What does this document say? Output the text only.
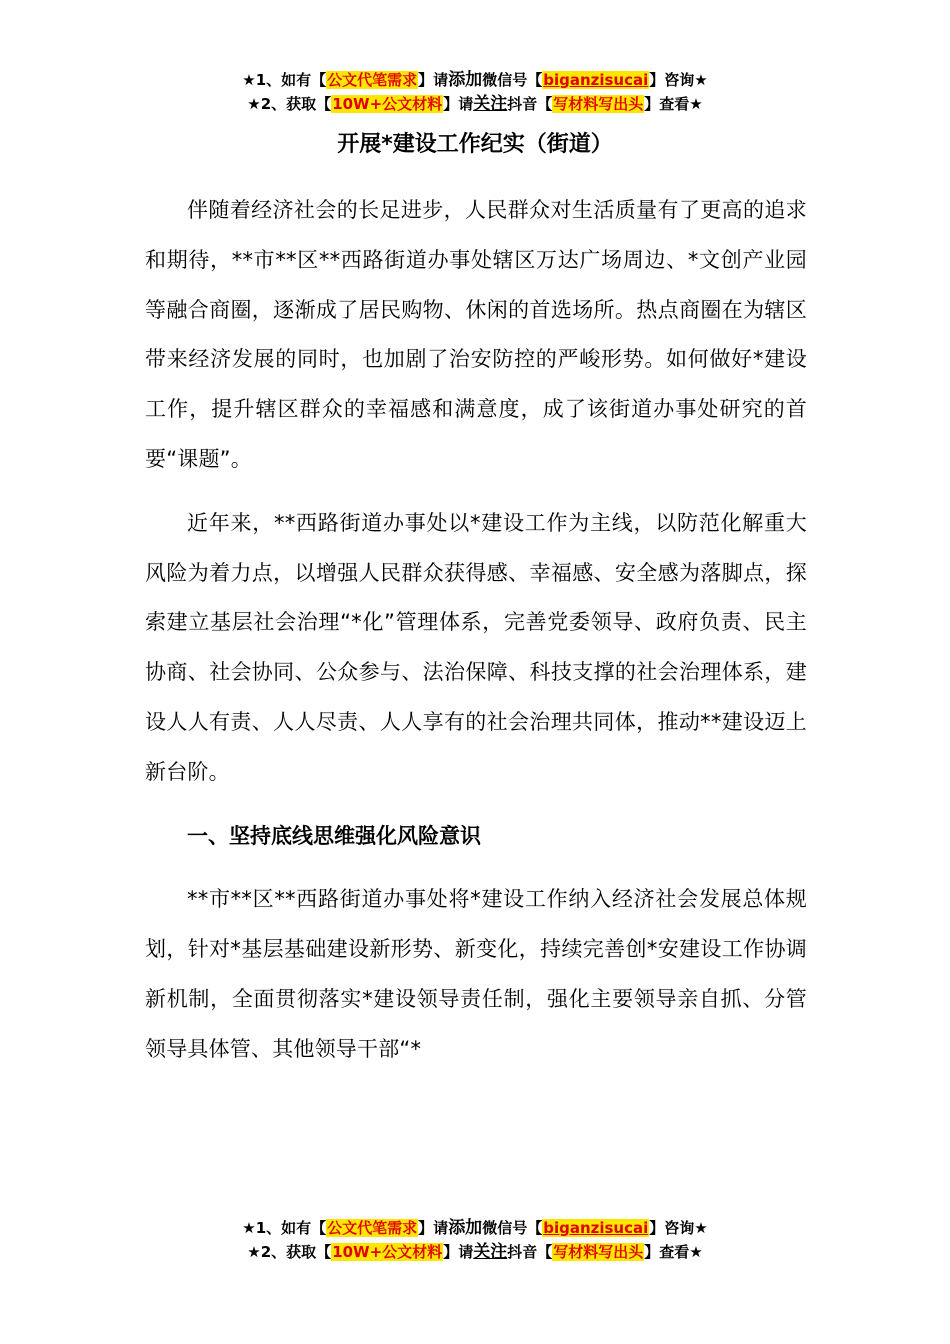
★1、如有【公文代笔需求】请添加微信号【biganzisucai】咨询★
★2、获取【10W+公文材料】请关注抖音【写材料写出头】查看★
开展*建设工作纪实（街道）

伴随着经济社会的长足进步，人民群众对生活质量有了更高的追求和期待，**市**区**西路街道办事处辖区万达广场周边、*文创产业园等融合商圈，逐渐成了居民购物、休闲的首选场所。热点商圈在为辖区带来经济发展的同时，也加剧了治安防控的严峻形势。如何做好*建设工作，提升辖区群众的幸福感和满意度，成了该街道办事处研究的首要“课题”。

近年来，**西路街道办事处以*建设工作为主线，以防范化解重大风险为着力点，以增强人民群众获得感、幸福感、安全感为落脚点，探索建立基层社会治理“*化”管理体系，完善党委领导、政府负责、民主协商、社会协同、公众参与、法治保障、科技支撑的社会治理体系，建设人人有责、人人尽责、人人享有的社会治理共同体，推动**建设迈上新台阶。

一、坚持底线思维强化风险意识

**市**区**西路街道办事处将*建设工作纳入经济社会发展总体规划，针对*基层基础建设新形势、新变化，持续完善创*安建设工作协调新机制，全面贯彻落实*建设领导责任制，强化主要领导亲自抓、分管领导具体管、其他领导干部“*

★1、如有【公文代笔需求】请添加微信号【biganzisucai】咨询★
★2、获取【10W+公文材料】请关注抖音【写材料写出头】查看★
